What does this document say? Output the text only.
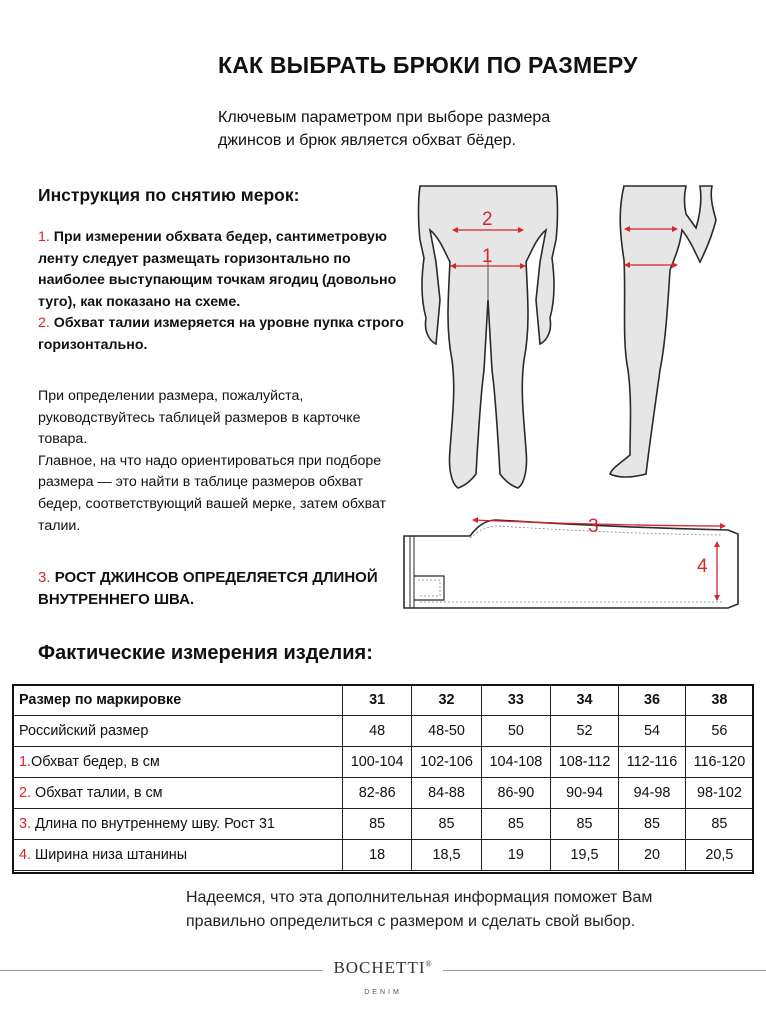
КАК ВЫБРАТЬ БРЮКИ ПО РАЗМЕРУ
Ключевым параметром при выборе размера
джинсов и брюк является обхват бёдер.
Инструкция по снятию мерок:
1. При измерении обхвата бедер, сантиметровую ленту следует размещать горизонтально по наиболее выступающим точкам ягодиц (довольно туго), как показано на схеме.
2. Обхват талии измеряется на уровне пупка строго горизонтально.
При определении размера, пожалуйста, руководствуйтесь таблицей размеров в карточке товара.
Главное, на что надо ориентироваться при подборе размера — это найти в таблице размеров обхват бедер, соответствующий вашей мерке, затем обхват талии.
3. РОСТ ДЖИНСОВ ОПРЕДЕЛЯЕТСЯ ДЛИНОЙ ВНУТРЕННЕГО ШВА.
2
1
3
4
Фактические измерения изделия:
Размер по маркировке	31	32	33	34	36	38
Российский размер	48	48-50	50	52	54	56
1.Обхват бедер, в см	100-104	102-106	104-108	108-112	112-116	116-120
2. Обхват талии, в см	82-86	84-88	86-90	90-94	94-98	98-102
3. Длина по внутреннему шву. Рост 31	85	85	85	85	85	85
4. Ширина низа штанины	18	18,5	19	19,5	20	20,5
Надеемся, что эта дополнительная информация поможет Вам
правильно определиться с размером и сделать свой выбор.
BOCHETTI®
DENIM
